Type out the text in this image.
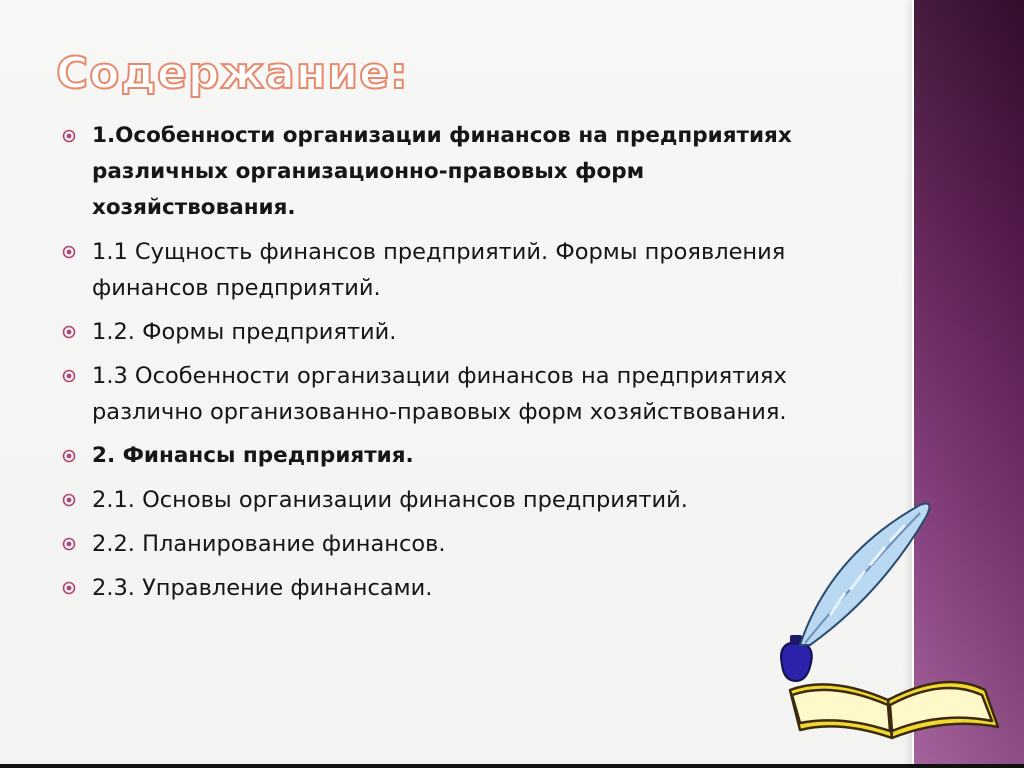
Содержание:
1.Особенности организации финансов на предприятиях различных организационно-правовых форм хозяйствования.
1.1 Сущность финансов предприятий. Формы проявления финансов предприятий.
1.2. Формы предприятий.
1.3 Особенности организации финансов на предприятиях различно организованно-правовых форм хозяйствования.
2. Финансы предприятия.
2.1. Основы организации финансов предприятий.
2.2. Планирование финансов.
2.3. Управление финансами.
